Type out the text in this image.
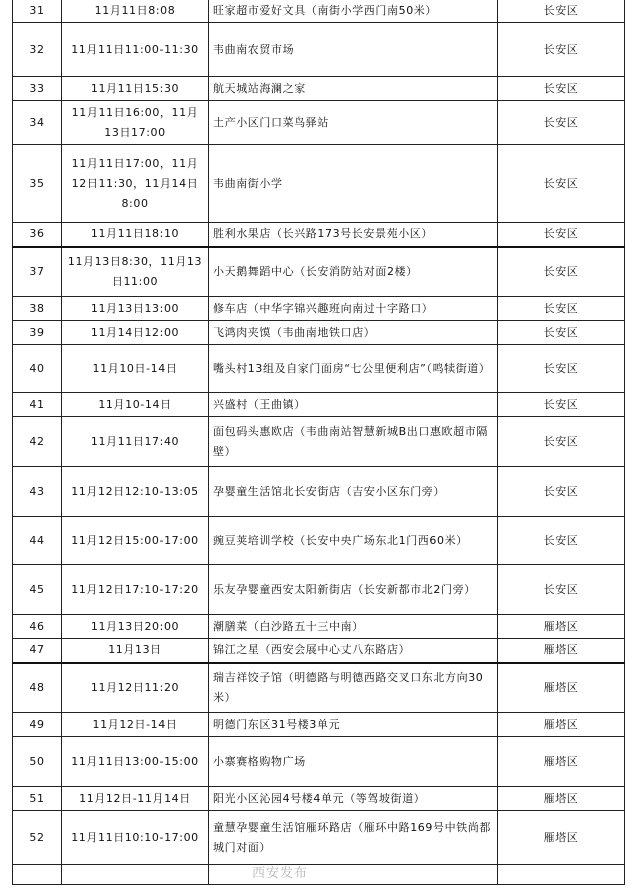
31	11月11日8:08	旺家超市爱好文具（南街小学西门南50米）	长安区
32	11月11日11:00-11:30	韦曲南农贸市场	长安区
33	11月11日15:30	航天城站海澜之家	长安区
34	11月11日16:00，11月13日17:00	土产小区门口菜鸟驿站	长安区
35	11月11日17:00，11月12日11:30，11月14日8:00	韦曲南街小学	长安区
36	11月11日18:10	胜利水果店（长兴路173号长安景苑小区）	长安区
37	11月13日8:30，11月13日11:00	小天鹅舞蹈中心（长安消防站对面2楼）	长安区
38	11月13日13:00	修车店（中华字锦兴趣班向南过十字路口）	长安区
39	11月14日12:00	飞鸿肉夹馍（韦曲南地铁口店）	长安区
40	11月10日-14日	嘴头村13组及自家门面房“七公里便利店”（鸣犊街道）	长安区
41	11月10-14日	兴盛村（王曲镇）	长安区
42	11月11日17:40	面包码头惠欧店（韦曲南站智慧新城B出口惠欧超市隔壁）	长安区
43	11月12日12:10-13:05	孕婴童生活馆北长安街店（吉安小区东门旁）	长安区
44	11月12日15:00-17:00	豌豆荚培训学校（长安中央广场东北1门西60米）	长安区
45	11月12日17:10-17:20	乐友孕婴童西安太阳新街店（长安新都市北2门旁）	长安区
46	11月13日20:00	潮膳菜（白沙路五十三中南）	雁塔区
47	11月13日	锦江之星（西安会展中心丈八东路店）	雁塔区
48	11月12日11:20	瑞吉祥饺子馆（明德路与明德西路交叉口东北方向30米）	雁塔区
49	11月12日-14日	明德门东区31号楼3单元	雁塔区
50	11月11日13:00-15:00	小寨赛格购物广场	雁塔区
51	11月12日-11月14日	阳光小区沁园4号楼4单元（等驾坡街道）	雁塔区
52	11月11日10:10-17:00	童慧孕婴童生活馆雁环路店（雁环中路169号中铁尚都城门对面）	雁塔区

西安发布
